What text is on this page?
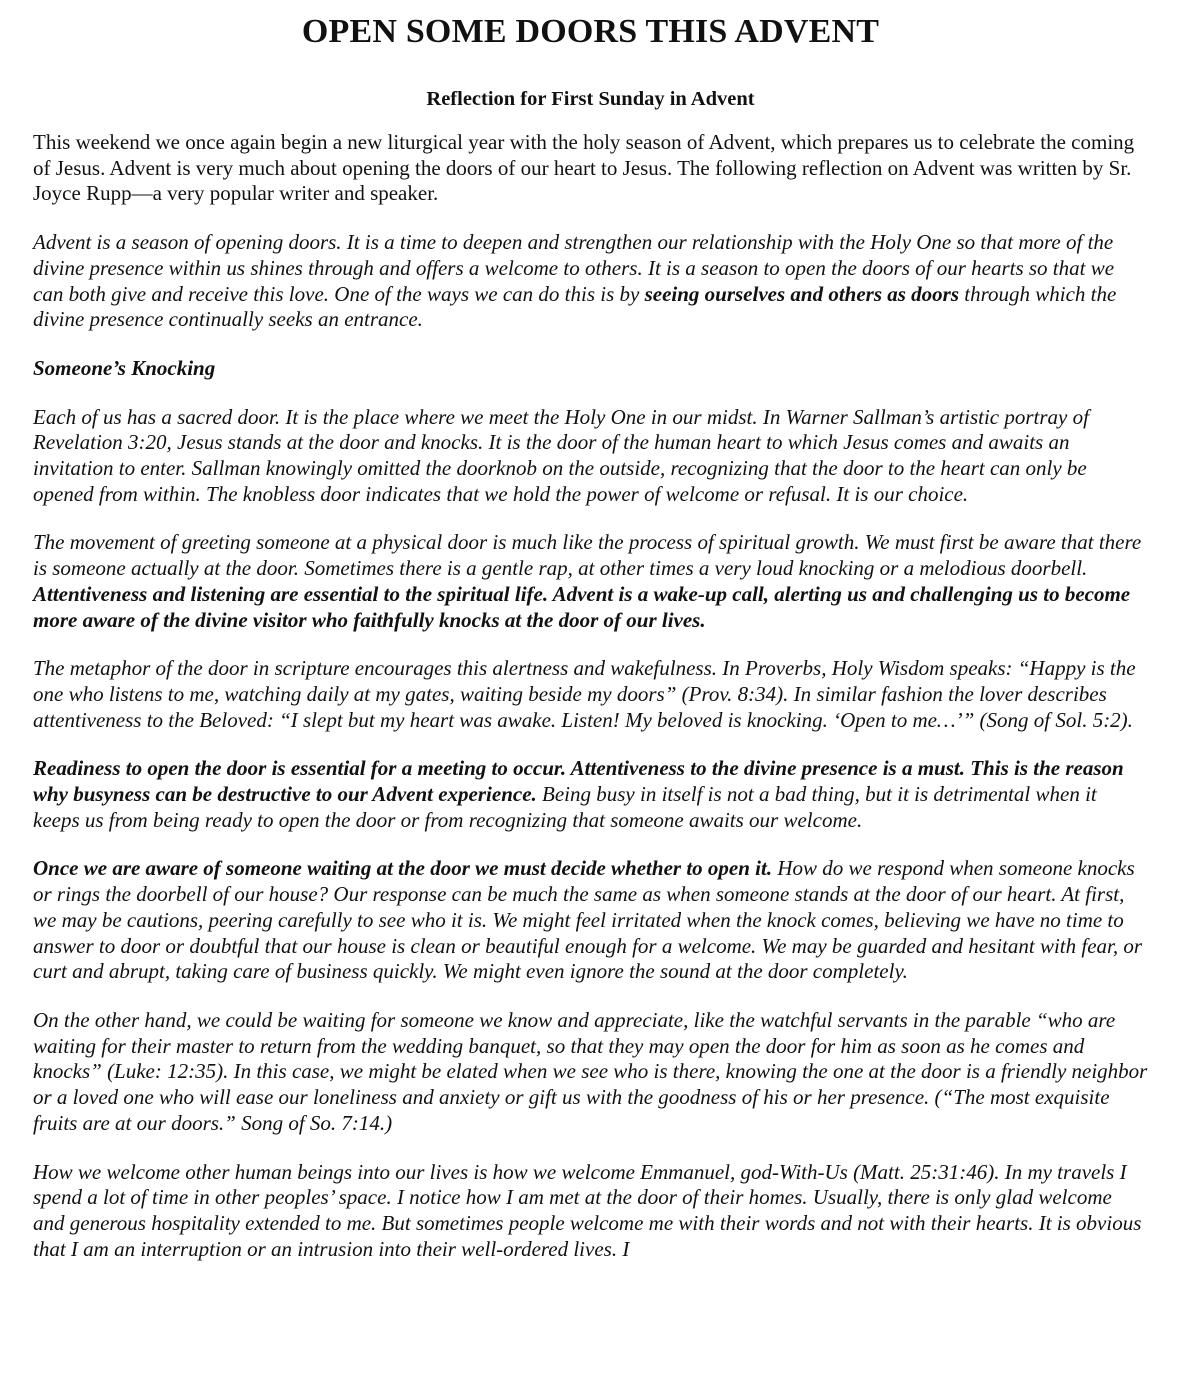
OPEN SOME DOORS THIS ADVENT
Reflection for First Sunday in Advent

This weekend we once again begin a new liturgical year with the holy season of Advent, which prepares us to celebrate the coming of Jesus. Advent is very much about opening the doors of our heart to Jesus. The following reflection on Advent was written by Sr. Joyce Rupp—a very popular writer and speaker.

Advent is a season of opening doors. It is a time to deepen and strengthen our relationship with the Holy One so that more of the divine presence within us shines through and offers a welcome to others. It is a season to open the doors of our hearts so that we can both give and receive this love. One of the ways we can do this is by seeing ourselves and others as doors through which the divine presence continually seeks an entrance.

Someone’s Knocking

Each of us has a sacred door. It is the place where we meet the Holy One in our midst. In Warner Sallman’s artistic portray of Revelation 3:20, Jesus stands at the door and knocks. It is the door of the human heart to which Jesus comes and awaits an invitation to enter. Sallman knowingly omitted the doorknob on the outside, recognizing that the door to the heart can only be opened from within. The knobless door indicates that we hold the power of welcome or refusal. It is our choice.

The movement of greeting someone at a physical door is much like the process of spiritual growth. We must first be aware that there is someone actually at the door. Sometimes there is a gentle rap, at other times a very loud knocking or a melodious doorbell. Attentiveness and listening are essential to the spiritual life. Advent is a wake-up call, alerting us and challenging us to become more aware of the divine visitor who faithfully knocks at the door of our lives.

The metaphor of the door in scripture encourages this alertness and wakefulness. In Proverbs, Holy Wisdom speaks: “Happy is the one who listens to me, watching daily at my gates, waiting beside my doors” (Prov. 8:34). In similar fashion the lover describes attentiveness to the Beloved: “I slept but my heart was awake. Listen! My beloved is knocking. ‘Open to me…’” (Song of Sol. 5:2).

Readiness to open the door is essential for a meeting to occur. Attentiveness to the divine presence is a must. This is the reason why busyness can be destructive to our Advent experience. Being busy in itself is not a bad thing, but it is detrimental when it keeps us from being ready to open the door or from recognizing that someone awaits our welcome.

Once we are aware of someone waiting at the door we must decide whether to open it. How do we respond when someone knocks or rings the doorbell of our house? Our response can be much the same as when someone stands at the door of our heart. At first, we may be cautions, peering carefully to see who it is. We might feel irritated when the knock comes, believing we have no time to answer to door or doubtful that our house is clean or beautiful enough for a welcome. We may be guarded and hesitant with fear, or curt and abrupt, taking care of business quickly. We might even ignore the sound at the door completely.

On the other hand, we could be waiting for someone we know and appreciate, like the watchful servants in the parable “who are waiting for their master to return from the wedding banquet, so that they may open the door for him as soon as he comes and knocks” (Luke: 12:35). In this case, we might be elated when we see who is there, knowing the one at the door is a friendly neighbor or a loved one who will ease our loneliness and anxiety or gift us with the goodness of his or her presence. (“The most exquisite fruits are at our doors.” Song of So. 7:14.)

How we welcome other human beings into our lives is how we welcome Emmanuel, god-With-Us (Matt. 25:31:46). In my travels I spend a lot of time in other peoples’ space. I notice how I am met at the door of their homes. Usually, there is only glad welcome and generous hospitality extended to me. But sometimes people welcome me with their words and not with their hearts. It is obvious that I am an interruption or an intrusion into their well-ordered lives. I
